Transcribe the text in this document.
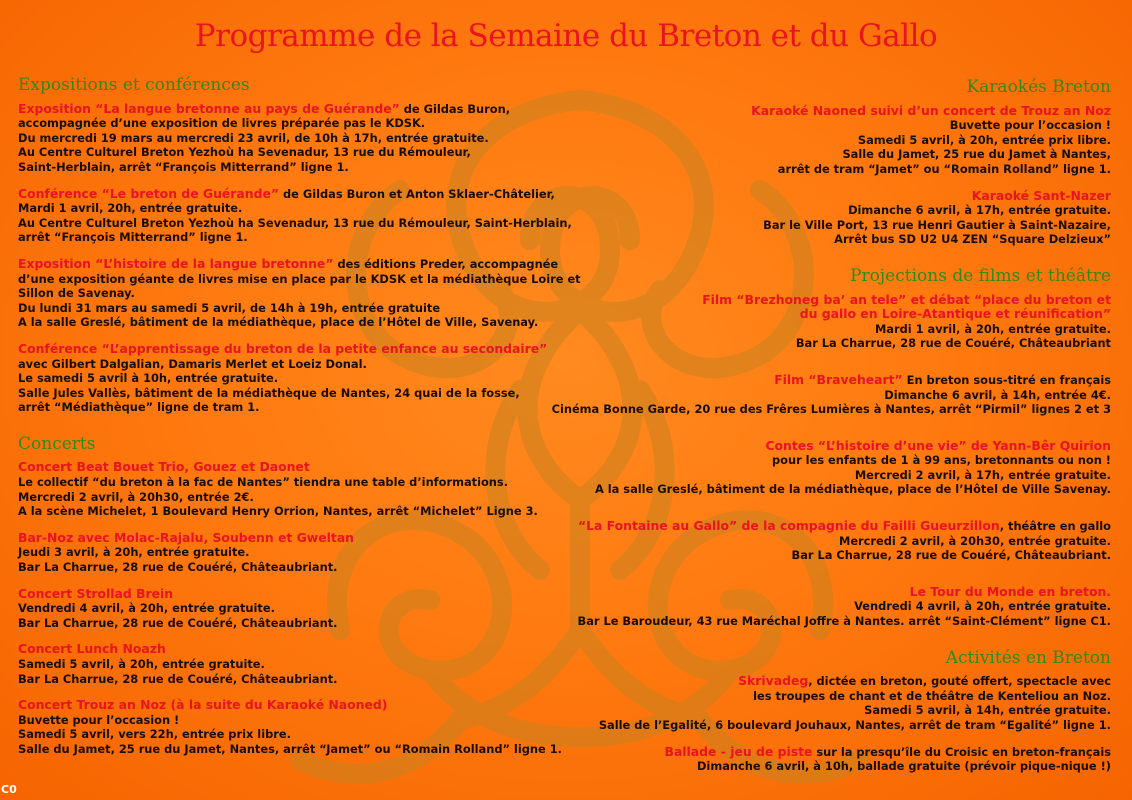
Programme de la Semaine du Breton et du Gallo
Expositions et conférences
Exposition “La langue bretonne au pays de Guérande” de Gildas Buron,
accompagnée d’une exposition de livres préparée pas le KDSK.
Du mercredi 19 mars au mercredi 23 avril, de 10h à 17h, entrée gratuite.
Au Centre Culturel Breton Yezhoù ha Sevenadur, 13 rue du Rémouleur,
Saint-Herblain, arrêt “François Mitterrand” ligne 1.
Conférence “Le breton de Guérande” de Gildas Buron et Anton Sklaer-Châtelier,
Mardi 1 avril, 20h, entrée gratuite.
Au Centre Culturel Breton Yezhoù ha Sevenadur, 13 rue du Rémouleur, Saint-Herblain,
arrêt “François Mitterrand” ligne 1.
Exposition “L’histoire de la langue bretonne” des éditions Preder, accompagnée
d’une exposition géante de livres mise en place par le KDSK et la médiathèque Loire et
Sillon de Savenay.
Du lundi 31 mars au samedi 5 avril, de 14h à 19h, entrée gratuite
A la salle Greslé, bâtiment de la médiathèque, place de l’Hôtel de Ville, Savenay.
Conférence “L’apprentissage du breton de la petite enfance au secondaire”
avec Gilbert Dalgalian, Damaris Merlet et Loeiz Donal.
Le samedi 5 avril à 10h, entrée gratuite.
Salle Jules Vallès, bâtiment de la médiathèque de Nantes, 24 quai de la fosse,
arrêt “Médiathèque” ligne de tram 1.
Concerts
Concert Beat Bouet Trio, Gouez et Daonet
Le collectif “du breton à la fac de Nantes” tiendra une table d’informations.
Mercredi 2 avril, à 20h30, entrée 2€.
A la scène Michelet, 1 Boulevard Henry Orrion, Nantes, arrêt “Michelet” Ligne 3.
Bar-Noz avec Molac-Rajalu, Soubenn et Gweltan
Jeudi 3 avril, à 20h, entrée gratuite.
Bar La Charrue, 28 rue de Couéré, Châteaubriant.
Concert Strollad Brein
Vendredi 4 avril, à 20h, entrée gratuite.
Bar La Charrue, 28 rue de Couéré, Châteaubriant.
Concert Lunch Noazh
Samedi 5 avril, à 20h, entrée gratuite.
Bar La Charrue, 28 rue de Couéré, Châteaubriant.
Concert Trouz an Noz (à la suite du Karaoké Naoned)
Buvette pour l’occasion !
Samedi 5 avril, vers 22h, entrée prix libre.
Salle du Jamet, 25 rue du Jamet, Nantes, arrêt “Jamet” ou “Romain Rolland” ligne 1.
Karaokés Breton
Karaoké Naoned suivi d’un concert de Trouz an Noz
Buvette pour l’occasion !
Samedi 5 avril, à 20h, entrée prix libre.
Salle du Jamet, 25 rue du Jamet à Nantes,
arrêt de tram “Jamet” ou “Romain Rolland” ligne 1.
Karaoké Sant-Nazer
Dimanche 6 avril, à 17h, entrée gratuite.
Bar le Ville Port, 13 rue Henri Gautier à Saint-Nazaire,
Arrêt bus SD U2 U4 ZEN “Square Delzieux”
Projections de films et théâtre
Film “Brezhoneg ba’ an tele” et débat “place du breton et
du gallo en Loire-Atantique et réunification”
Mardi 1 avril, à 20h, entrée gratuite.
Bar La Charrue, 28 rue de Couéré, Châteaubriant
Film “Braveheart” En breton sous-titré en français
Dimanche 6 avril, à 14h, entrée 4€.
Cinéma Bonne Garde, 20 rue des Frêres Lumières à Nantes, arrêt “Pirmil” lignes 2 et 3
Contes “L’histoire d’une vie” de Yann-Bêr Quirion
pour les enfants de 1 à 99 ans, bretonnants ou non !
Mercredi 2 avril, à 17h, entrée gratuite.
A la salle Greslé, bâtiment de la médiathèque, place de l’Hôtel de Ville Savenay.
“La Fontaine au Gallo” de la compagnie du Failli Gueurzillon, théâtre en gallo
Mercredi 2 avril, à 20h30, entrée gratuite.
Bar La Charrue, 28 rue de Couéré, Châteaubriant.
Le Tour du Monde en breton.
Vendredi 4 avril, à 20h, entrée gratuite.
Bar Le Baroudeur, 43 rue Maréchal Joffre à Nantes. arrêt “Saint-Clément” ligne C1.
Activités en Breton
Skrivadeg, dictée en breton, gouté offert, spectacle avec
les troupes de chant et de théâtre de Kenteliou an Noz.
Samedi 5 avril, à 14h, entrée gratuite.
Salle de l’Egalité, 6 boulevard Jouhaux, Nantes, arrêt de tram “Egalité” ligne 1.
Ballade - jeu de piste sur la presqu’île du Croisic en breton-français
Dimanche 6 avril, à 10h, ballade gratuite (prévoir pique-nique !)
C0
